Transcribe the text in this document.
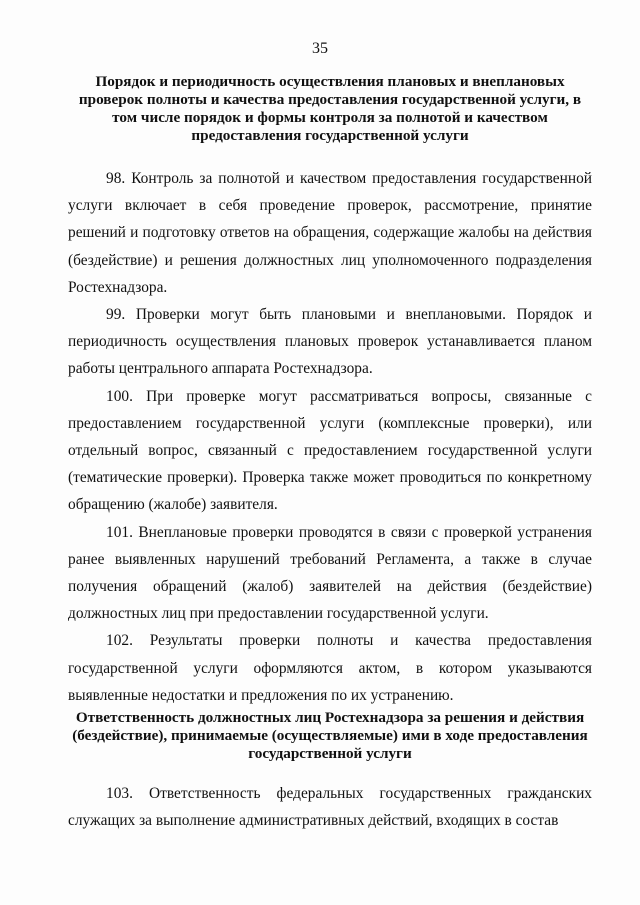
35
Порядок и периодичность осуществления плановых и внеплановых проверок полноты и качества предоставления государственной услуги, в том числе порядок и формы контроля за полнотой и качеством предоставления государственной услуги

98. Контроль за полнотой и качеством предоставления государственной услуги включает в себя проведение проверок, рассмотрение, принятие решений и подготовку ответов на обращения, содержащие жалобы на действия (бездействие) и решения должностных лиц уполномоченного подразделения Ростехнадзора.

99. Проверки могут быть плановыми и внеплановыми. Порядок и периодичность осуществления плановых проверок устанавливается планом работы центрального аппарата Ростехнадзора.

100. При проверке могут рассматриваться вопросы, связанные с предоставлением государственной услуги (комплексные проверки), или отдельный вопрос, связанный с предоставлением государственной услуги (тематические проверки). Проверка также может проводиться по конкретному обращению (жалобе) заявителя.

101. Внеплановые проверки проводятся в связи с проверкой устранения ранее выявленных нарушений требований Регламента, а также в случае получения обращений (жалоб) заявителей на действия (бездействие) должностных лиц при предоставлении государственной услуги.

102. Результаты проверки полноты и качества предоставления государственной услуги оформляются актом, в котором указываются выявленные недостатки и предложения по их устранению.

Ответственность должностных лиц Ростехнадзора за решения и действия (бездействие), принимаемые (осуществляемые) ими в ходе предоставления государственной услуги

103. Ответственность федеральных государственных гражданских служащих за выполнение административных действий, входящих в состав
